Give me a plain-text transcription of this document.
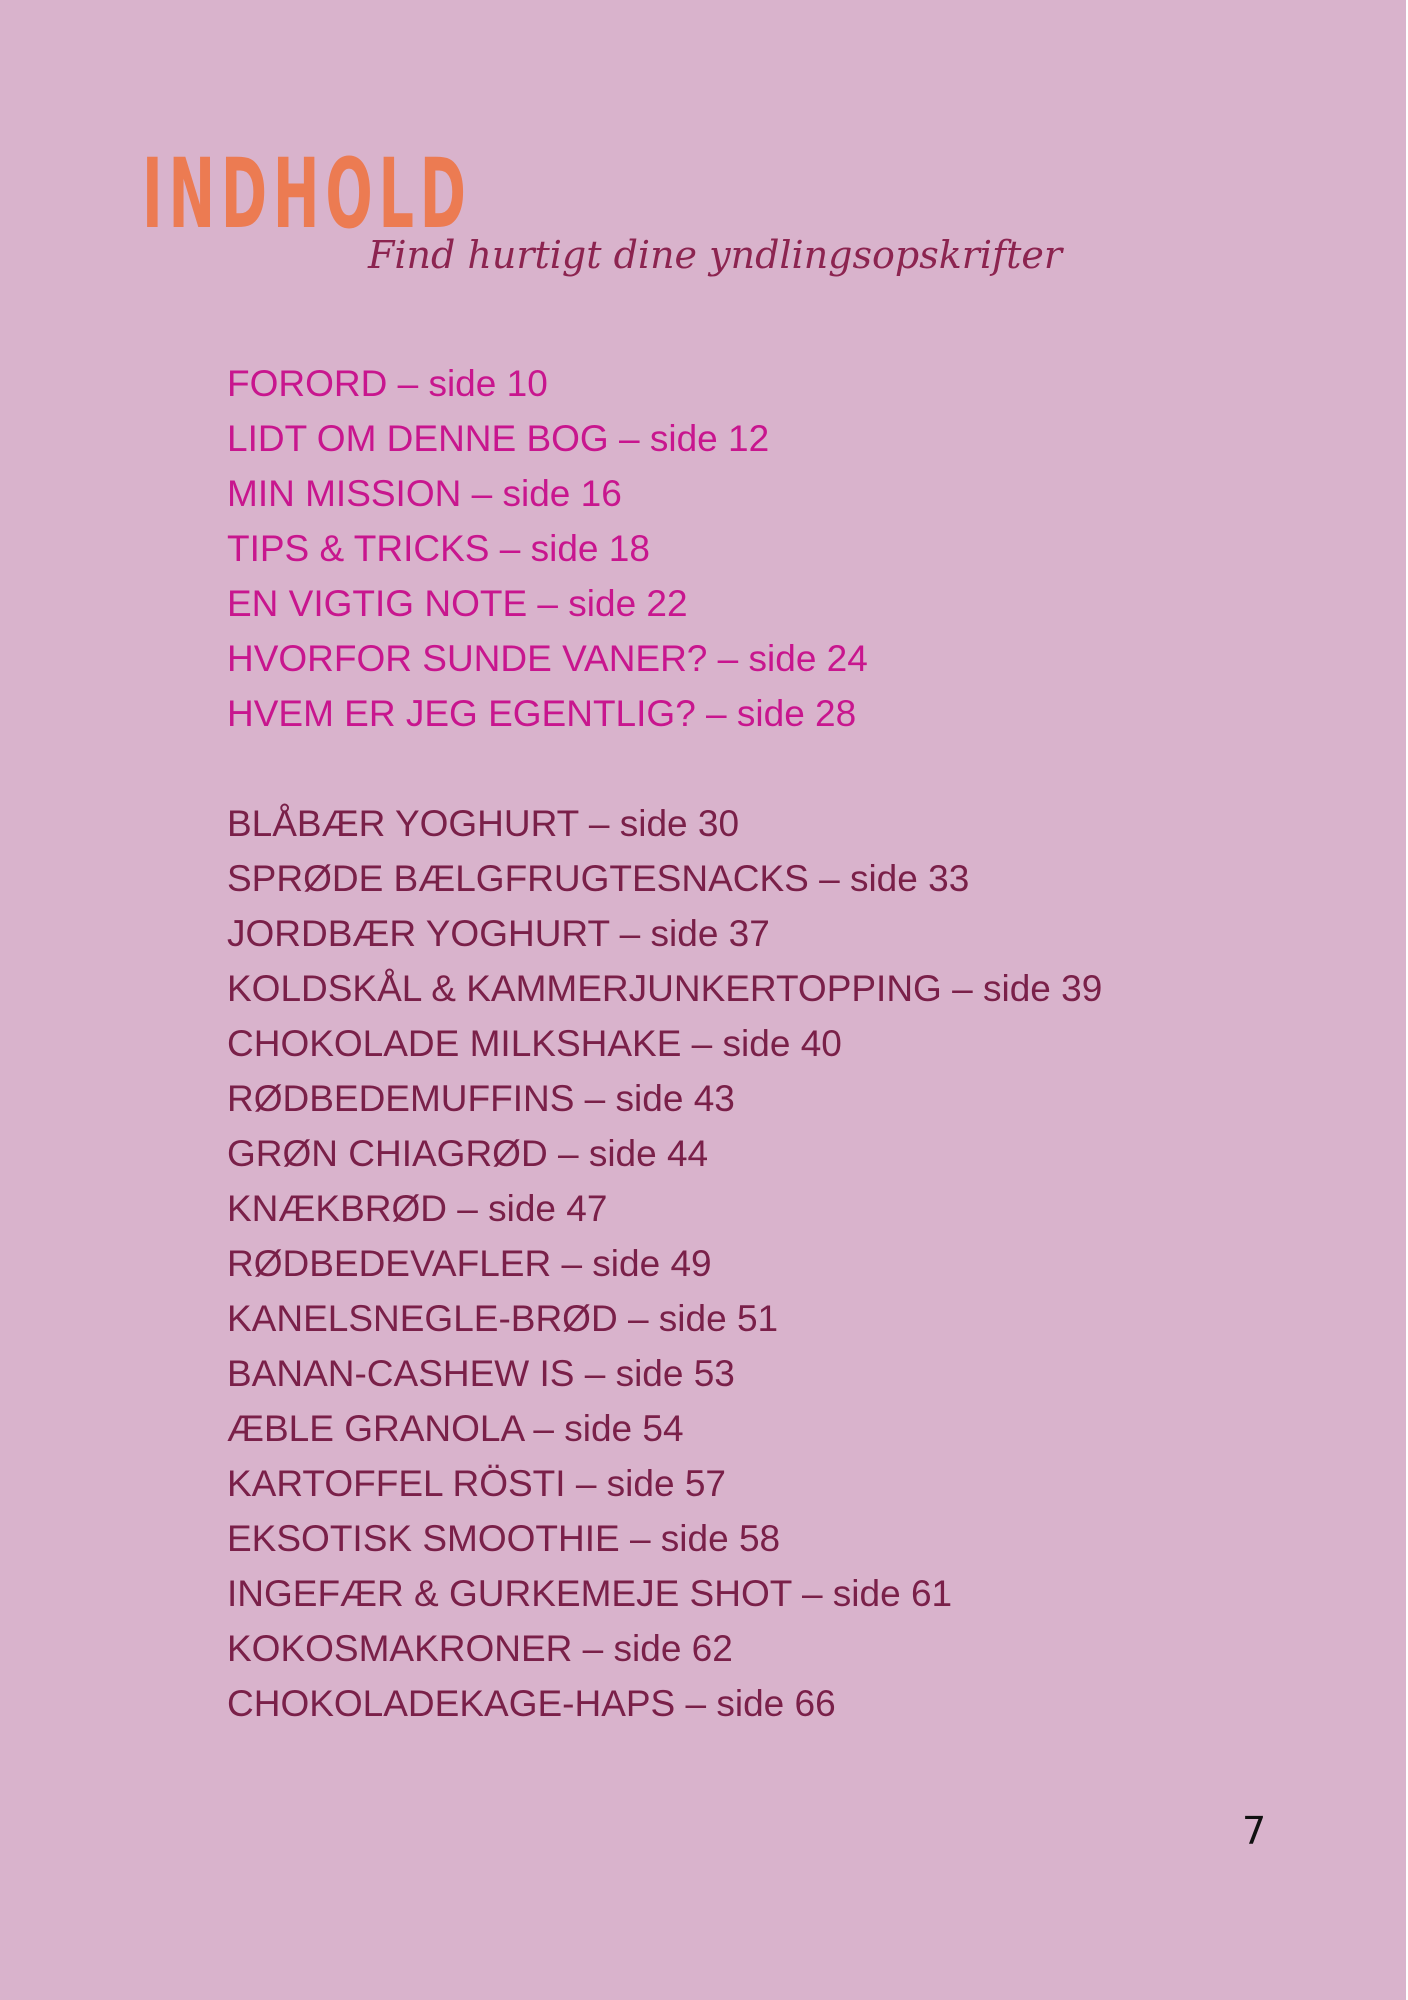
INDHOLD

Find hurtigt dine yndlingsopskrifter

FORORD – side 10
LIDT OM DENNE BOG – side 12
MIN MISSION – side 16
TIPS & TRICKS – side 18
EN VIGTIG NOTE – side 22
HVORFOR SUNDE VANER? – side 24
HVEM ER JEG EGENTLIG? – side 28
BLÅBÆR YOGHURT – side 30
SPRØDE BÆLGFRUGTESNACKS – side 33
JORDBÆR YOGHURT – side 37
KOLDSKÅL & KAMMERJUNKERTOPPING – side 39
CHOKOLADE MILKSHAKE – side 40
RØDBEDEMUFFINS – side 43
GRØN CHIAGRØD – side 44
KNÆKBRØD – side 47
RØDBEDEVAFLER – side 49
KANELSNEGLE-BRØD – side 51
BANAN-CASHEW IS – side 53
ÆBLE GRANOLA – side 54
KARTOFFEL RÖSTI – side 57
EKSOTISK SMOOTHIE – side 58
INGEFÆR & GURKEMEJE SHOT – side 61
KOKOSMAKRONER – side 62
CHOKOLADEKAGE-HAPS – side 66
7
